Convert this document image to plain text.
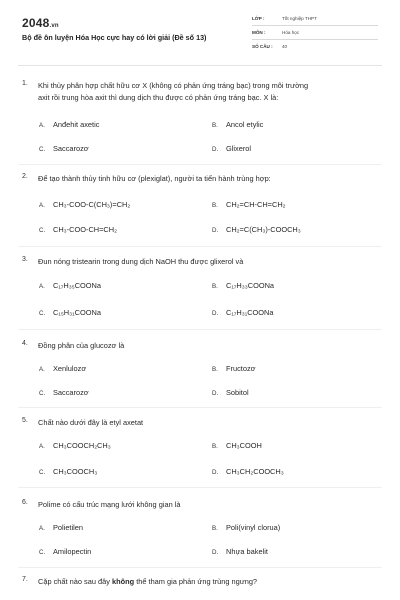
2048.vn
Bộ đề ôn luyện Hóa Học cực hay có lời giải (Đề số 13)
LỚP :	Tốt nghiệp THPT
MÔN :	Hóa học
SỐ CÂU : 40
1. Khi thủy phân hợp chất hữu cơ X (không có phản ứng tráng bạc) trong môi trường
axit rồi trung hòa axit thì dung dịch thu được có phản ứng tráng bạc. X là:
A. Anđehit axetic	B. Ancol etylic
C. Saccarozơ	D. Glixerol
2. Để tạo thành thủy tinh hữu cơ (plexiglat), người ta tiến hành trùng hợp:
A. CH₃-COO-C(CH₃)=CH₂	B. CH₂=CH-CH=CH₂
C. CH₃-COO-CH=CH₂	D. CH₂=C(CH₃)-COOCH₃
3. Đun nóng tristearin trong dung dịch NaOH thu được glixerol và
A. C₁₇H₃₅COONa	B. C₁₇H₃₃COONa
C. C₁₅H₃₁COONa	D. C₁₇H₃₁COONa
4. Đồng phân của glucozơ là
A. Xenlulozơ	B. Fructozơ
C. Saccarozơ	D. Sobitol
5. Chất nào dưới đây là etyl axetat
A. CH₃COOCH₂CH₃	B. CH₃COOH
C. CH₃COOCH₃	D. CH₃CH₂COOCH₃
6. Polime có cấu trúc mạng lưới không gian là
A. Polietilen	B. Poli(vinyl clorua)
C. Amilopectin	D. Nhựa bakelit
7. Cặp chất nào sau đây không thể tham gia phản ứng trùng ngưng?
